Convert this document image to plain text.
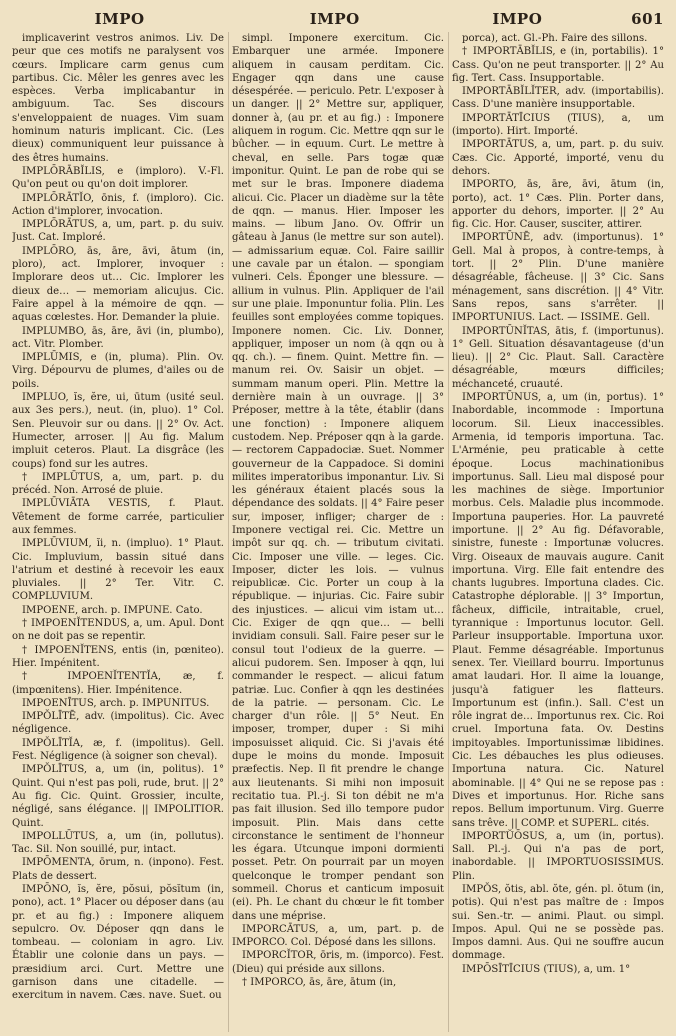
IMPO	IMPO	IMPO	601

implicaverint vestros animos. Liv. De peur que ces motifs ne paralysent vos cœurs. Implicare carm genus cum partibus. Cic. Mêler les genres avec les espèces. Verba implicabantur in ambiguum. Tac. Ses discours s'enveloppaient de nuages. Vim suam hominum naturis implicant. Cic. (Les dieux) communiquent leur puissance à des êtres humains.

IMPLŌRĀBĬLIS, e (imploro). V.-Fl. Qu'on peut ou qu'on doit implorer.

IMPLŌRĀTĬO, ōnis, f. (imploro). Cic. Action d'implorer, invocation.

IMPLŌRĀTUS, a, um, part. p. du suiv. Just. Cat. Imploré.

IMPLŌRO, ās, āre, āvi, ātum (in, ploro), act. Implorer, invoquer : Implorare deos ut… Cic. Implorer les dieux de… — memoriam alicujus. Cic. Faire appel à la mémoire de qqn. — aquas cœlestes. Hor. Demander la pluie.

IMPLUMBO, ās, āre, āvi (in, plumbo), act. Vitr. Plomber.

IMPLŪMIS, e (in, pluma). Plin. Ov. Virg. Dépourvu de plumes, d'ailes ou de poils.

IMPLUO, ĭs, ĕre, ui, ūtum (usité seul. aux 3es pers.), neut. (in, pluo). 1° Col. Sen. Pleuvoir sur ou dans. || 2° Ov. Act. Humecter, arroser. || Au fig. Malum impluit ceteros. Plaut. La disgrâce (les coups) fond sur les autres.

† IMPLŪTUS, a, um, part. p. du précéd. Non. Arrosé de pluie.

IMPLŪVIĀTA VESTIS, f. Plaut. Vêtement de forme carrée, particulier aux femmes.

IMPLŪVIUM, ĭi, n. (impluo). 1° Plaut. Cic. Impluvium, bassin situé dans l'atrium et destiné à recevoir les eaux pluviales. || 2° Ter. Vitr. C. COMPLUVIUM.

IMPOENE, arch. p. IMPUNE. Cato.

† IMPOENĬTENDUS, a, um. Apul. Dont on ne doit pas se repentir.

† IMPOENĬTENS, entis (in, pœniteo). Hier. Impénitent.

† IMPOENĬTENTĬA, æ, f. (impœnitens). Hier. Impénitence.

IMPOENĪTUS, arch. p. IMPUNITUS.

IMPŎLĪTĒ, adv. (impolitus). Cic. Avec négligence.

IMPŎLĪTĬA, æ, f. (impolitus). Gell. Fest. Négligence (à soigner son cheval).

IMPŎLĪTUS, a, um (in, politus). 1° Quint. Qui n'est pas poli, rude, brut. || 2° Au fig. Cic. Quint. Grossier, inculte, négligé, sans élégance. || IMPOLITIOR. Quint.

IMPOLLŪTUS, a, um (in, pollutus). Tac. Sil. Non souillé, pur, intact.

IMPŌMENTA, ōrum, n. (inpono). Fest. Plats de dessert.

IMPŌNO, ĭs, ĕre, pŏsui, pŏsĭtum (in, pono), act. 1° Placer ou déposer dans (au pr. et au fig.) : Imponere aliquem sepulcro. Ov. Déposer qqn dans le tombeau. — coloniam in agro. Liv. Établir une colonie dans un pays. — præsidium arci. Curt. Mettre une garnison dans une citadelle. — exercitum in navem. Cæs. nave. Suet. ou

simpl. Imponere exercitum. Cic. Embarquer une armée. Imponere aliquem in causam perditam. Cic. Engager qqn dans une cause désespérée. — periculo. Petr. L'exposer à un danger. || 2° Mettre sur, appliquer, donner à, (au pr. et au fig.) : Imponere aliquem in rogum. Cic. Mettre qqn sur le bûcher. — in equum. Curt. Le mettre à cheval, en selle. Pars togæ quæ imponitur. Quint. Le pan de robe qui se met sur le bras. Imponere diadema alicui. Cic. Placer un diadème sur la tête de qqn. — manus. Hier. Imposer les mains. — libum Jano. Ov. Offrir un gâteau à Janus (le mettre sur son autel). — admissarium equæ. Col. Faire saillir une cavale par un étalon. — spongiam vulneri. Cels. Éponger une blessure. — allium in vulnus. Plin. Appliquer de l'ail sur une plaie. Imponuntur folia. Plin. Les feuilles sont employées comme topiques. Imponere nomen. Cic. Liv. Donner, appliquer, imposer un nom (à qqn ou à qq. ch.). — finem. Quint. Mettre fin. — manum rei. Ov. Saisir un objet. — summam manum operi. Plin. Mettre la dernière main à un ouvrage. || 3° Préposer, mettre à la tête, établir (dans une fonction) : Imponere aliquem custodem. Nep. Préposer qqn à la garde. — rectorem Cappadociæ. Suet. Nommer gouverneur de la Cappadoce. Si domini milites imperatoribus imponantur. Liv. Si les généraux étaient placés sous la dépendance des soldats. || 4° Faire peser sur, imposer, infliger; charger de : Imponere vectigal rei. Cic. Mettre un impôt sur qq. ch. — tributum civitati. Cic. Imposer une ville. — leges. Cic. Imposer, dicter les lois. — vulnus reipublicæ. Cic. Porter un coup à la république. — injurias. Cic. Faire subir des injustices. — alicui vim istam ut… Cic. Exiger de qqn que… — belli invidiam consuli. Sall. Faire peser sur le consul tout l'odieux de la guerre. — alicui pudorem. Sen. Imposer à qqn, lui commander le respect. — alicui fatum patriæ. Luc. Confier à qqn les destinées de la patrie. — personam. Cic. Le charger d'un rôle. || 5° Neut. En imposer, tromper, duper : Si mihi imposuisset aliquid. Cic. Si j'avais été dupe le moins du monde. Imposuit præfectis. Nep. Il fit prendre le change aux lieutenants. Si mihi non imposuit recitatio tua. Pl.-j. Si ton débit ne m'a pas fait illusion. Sed illo tempore pudor imposuit. Plin. Mais dans cette circonstance le sentiment de l'honneur les égara. Utcunque imponi dormienti posset. Petr. On pourrait par un moyen quelconque le tromper pendant son sommeil. Chorus et canticum imposuit (ei). Ph. Le chant du chœur le fit tomber dans une méprise.

IMPORCĀTUS, a, um, part. p. de IMPORCO. Col. Déposé dans les sillons.

IMPORCĬTOR, ōris, m. (imporco). Fest. (Dieu) qui préside aux sillons.

† IMPORCO, ās, āre, ātum (in,

porca), act. Gl.-Ph. Faire des sillons.

† IMPORTĀBĬLIS, e (in, portabilis). 1° Cass. Qu'on ne peut transporter. || 2° Au fig. Tert. Cass. Insupportable.

IMPORTĀBĬLĬTER, adv. (importabilis). Cass. D'une manière insupportable.

IMPORTĀTĪCIUS (TIUS), a, um (importo). Hirt. Importé.

IMPORTĀTUS, a, um, part. p. du suiv. Cæs. Cic. Apporté, importé, venu du dehors.

IMPORTO, ās, āre, āvi, ātum (in, porto), act. 1° Cæs. Plin. Porter dans, apporter du dehors, importer. || 2° Au fig. Cic. Hor. Causer, susciter, attirer.

IMPORTŪNĒ, adv. (importunus). 1° Gell. Mal à propos, à contre-temps, à tort. || 2° Plin. D'une manière désagréable, fâcheuse. || 3° Cic. Sans ménagement, sans discrétion. || 4° Vitr. Sans repos, sans s'arrêter. || IMPORTUNIUS. Lact. — ISSIME. Gell.

IMPORTŪNĬTAS, ātis, f. (importunus). 1° Gell. Situation désavantageuse (d'un lieu). || 2° Cic. Plaut. Sall. Caractère désagréable, mœurs difficiles; méchanceté, cruauté.

IMPORTŪNUS, a, um (in, portus). 1° Inabordable, incommode : Importuna locorum. Sil. Lieux inaccessibles. Armenia, id temporis importuna. Tac. L'Arménie, peu praticable à cette époque. Locus machinationibus importunus. Sall. Lieu mal disposé pour les machines de siège. Importunior morbus. Cels. Maladie plus incommode. Importuna pauperies. Hor. La pauvreté importune. || 2° Au fig. Défavorable, sinistre, funeste : Importunæ volucres. Virg. Oiseaux de mauvais augure. Canit importuna. Virg. Elle fait entendre des chants lugubres. Importuna clades. Cic. Catastrophe déplorable. || 3° Importun, fâcheux, difficile, intraitable, cruel, tyrannique : Importunus locutor. Gell. Parleur insupportable. Importuna uxor. Plaut. Femme désagréable. Importunus senex. Ter. Vieillard bourru. Importunus amat laudari. Hor. Il aime la louange, jusqu'à fatiguer les flatteurs. Importunum est (infin.). Sall. C'est un rôle ingrat de… Importunus rex. Cic. Roi cruel. Importuna fata. Ov. Destins impitoyables. Importunissimæ libidines. Cic. Les débauches les plus odieuses. Importuna natura. Cic. Naturel abominable. || 4° Qui ne se repose pas : Dives et importunus. Hor. Riche sans repos. Bellum importunum. Virg. Guerre sans trêve. || COMP. et SUPERL. cités.

IMPORTŬŌSUS, a, um (in, portus). Sall. Pl.-j. Qui n'a pas de port, inabordable. || IMPORTUOSISSIMUS. Plin.

IMPŎS, ŏtis, abl. ŏte, gén. pl. ŏtum (in, potis). Qui n'est pas maître de : Impos sui. Sen.-tr. — animi. Plaut. ou simpl. Impos. Apul. Qui ne se possède pas. Impos damni. Aus. Qui ne souffre aucun dommage.

IMPŌSĪTĪCIUS (TIUS), a, um. 1°
